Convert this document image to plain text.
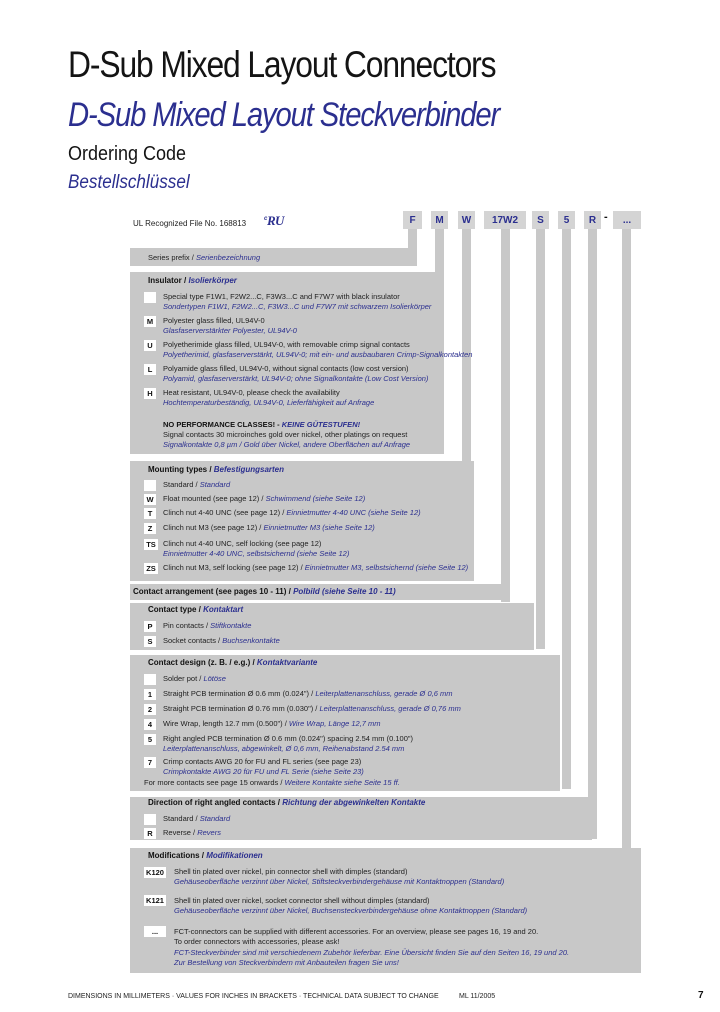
D-Sub Mixed Layout Connectors
D-Sub Mixed Layout Steckverbinder
Ordering Code
Bestellschlüssel
UL Recognized File No. 168813	c R U	F	M	W	17W2	S	5	R -	...
Series prefix / Serienbezeichnung
Insulator / Isolierkörper
Special type F1W1, F2W2...C, F3W3...C and F7W7 with black insulator
Sondertypen F1W1, F2W2...C, F3W3...C und F7W7 mit schwarzem Isolierkörper
M	Polyester glass filled, UL94V-0
Glasfaserverstärkter Polyester, UL94V-0
U	Polyetherimide glass filled, UL94V-0, with removable crimp signal contacts
Polyetherimid, glasfaserverstärkt, UL94V-0; mit ein- und ausbaubaren Crimp-Signalkontakten
L	Polyamide glass filled, UL94V-0, without signal contacts (low cost version)
Polyamid, glasfaserverstärkt, UL94V-0; ohne Signalkontakte (Low Cost Version)
H	Heat resistant, UL94V-0, please check the availability
Hochtemperaturbeständig, UL94V-0, Lieferfähigkeit auf Anfrage
NO PERFORMANCE CLASSES! - KEINE GÜTESTUFEN!
Signal contacts 30 microinches gold over nickel, other platings on request
Signalkontakte 0,8 µm / Gold über Nickel, andere Oberflächen auf Anfrage
Mounting types / Befestigungsarten
Standard / Standard
W	Float mounted (see page 12) / Schwimmend (siehe Seite 12)
T	Clinch nut 4-40 UNC (see page 12) / Einnietmutter 4-40 UNC (siehe Seite 12)
Z	Clinch nut M3 (see page 12) / Einnietmutter M3 (siehe Seite 12)
TS Clinch nut 4-40 UNC, self locking (see page 12)
Einnietmutter 4-40 UNC, selbstsichernd (siehe Seite 12)
ZS Clinch nut M3, self locking (see page 12) / Einnietmutter M3, selbstsichernd (siehe Seite 12)
Contact arrangement (see pages 10 - 11) / Polbild (siehe Seite 10 - 11)
Contact type / Kontaktart
P	Pin contacts / Stiftkontakte
S	Socket contacts / Buchsenkontakte
Contact design (z. B. / e.g.) / Kontaktvariante
Solder pot / Lötöse
1	Straight PCB termination Ø 0.6 mm (0.024") / Leiterplattenanschluss, gerade Ø 0,6 mm
2	Straight PCB termination Ø 0.76 mm (0.030") / Leiterplattenanschluss, gerade Ø 0,76 mm
4	Wire Wrap, length 12.7 mm (0.500") / Wire Wrap, Länge 12,7 mm
5	Right angled PCB termination Ø 0.6 mm (0.024") spacing 2.54 mm (0.100")
Leiterplattenanschluss, abgewinkelt, Ø 0,6 mm, Reihenabstand 2.54 mm
7	Crimp contacts AWG 20 for FU and FL series (see page 23)
Crimpkontakte AWG 20 für FU und FL Serie (siehe Seite 23)
For more contacts see page 15 onwards / Weitere Kontakte siehe Seite 15 ff.
Direction of right angled contacts / Richtung der abgewinkelten Kontakte
Standard / Standard
R	Reverse / Revers
Modifications / Modifikationen
K120 Shell tin plated over nickel, pin connector shell with dimples (standard)
Gehäuseoberfläche verzinnt über Nickel, Stiftsteckverbindergehäuse mit Kontaktnoppen (Standard)
K121 Shell tin plated over nickel, socket connector shell without dimples (standard)
Gehäuseoberfläche verzinnt über Nickel, Buchsensteckverbindergehäuse ohne Kontaktnoppen (Standard)
...	FCT-connectors can be supplied with different accessories. For an overview, please see pages 16, 19 and 20.
To order connectors with accessories, please ask!
FCT-Steckverbinder sind mit verschiedenem Zubehör lieferbar. Eine Übersicht finden Sie auf den Seiten 16, 19 und 20.
Zur Bestellung von Steckverbindern mit Anbauteilen fragen Sie uns!
DIMENSIONS IN MILLIMETERS · VALUES FOR INCHES IN BRACKETS · TECHNICAL DATA SUBJECT TO CHANGE	ML 11/2005	7
